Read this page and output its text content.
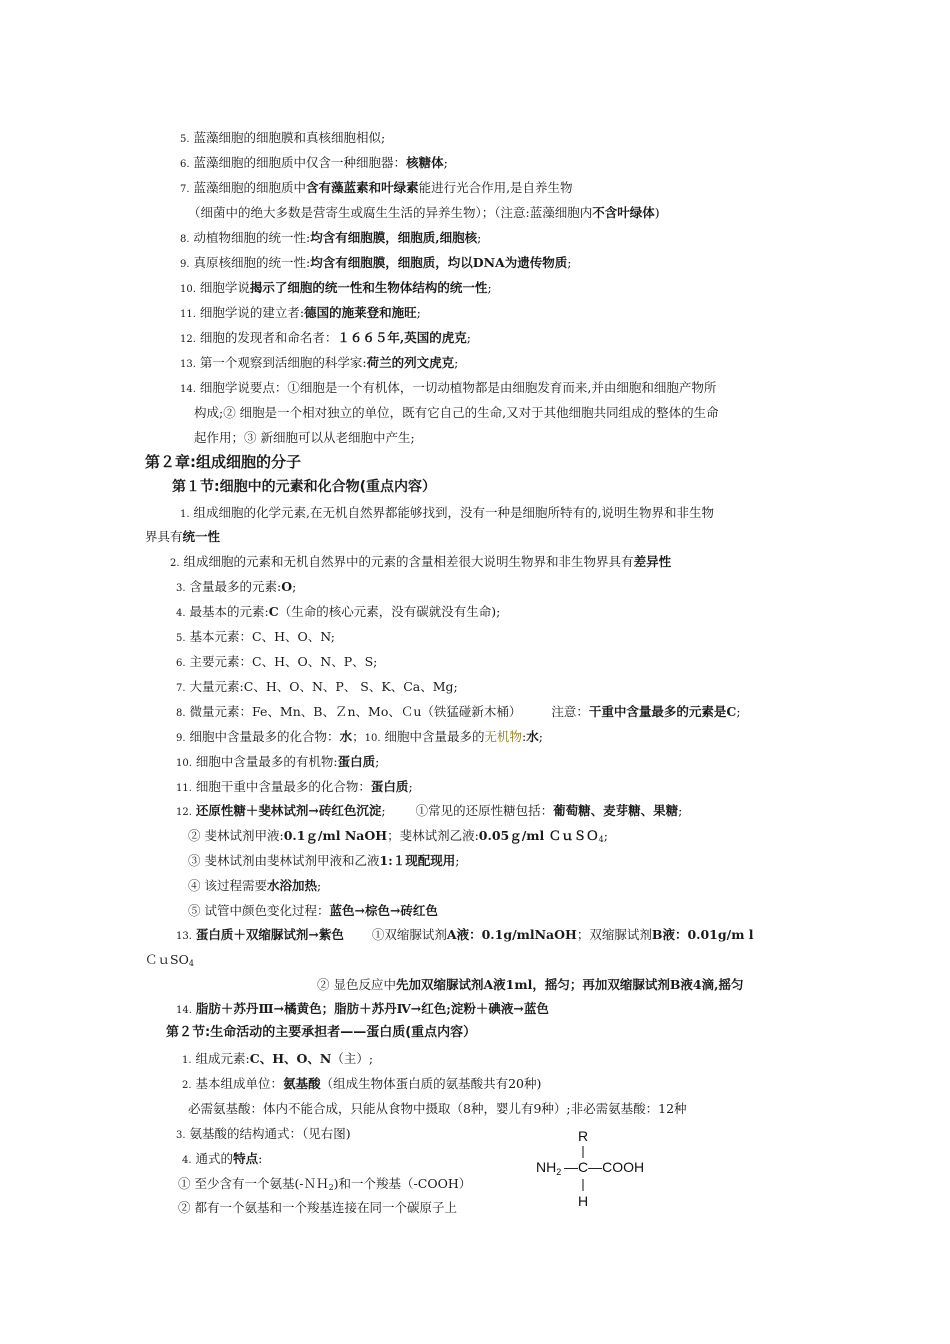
5. 蓝藻细胞的细胞膜和真核细胞相似;
6. 蓝藻细胞的细胞质中仅含一种细胞器：核糖体;
7. 蓝藻细胞的细胞质中含有藻蓝素和叶绿素能进行光合作用,是自养生物
（细菌中的绝大多数是营寄生或腐生生活的异养生物）；（注意:蓝藻细胞内不含叶绿体)
8. 动植物细胞的统一性:均含有细胞膜，细胞质,细胞核;
9. 真原核细胞的统一性:均含有细胞膜，细胞质，均以DNA为遗传物质;
10. 细胞学说揭示了细胞的统一性和生物体结构的统一性;
11. 细胞学说的建立者:德国的施莱登和施旺;
12. 细胞的发现者和命名者：１６６５年,英国的虎克;
13. 第一个观察到活细胞的科学家:荷兰的列文虎克;
14. 细胞学说要点：①细胞是一个有机体，一切动植物都是由细胞发育而来,并由细胞和细胞产物所
构成;② 细胞是一个相对独立的单位，既有它自己的生命,又对于其他细胞共同组成的整体的生命
起作用；③ 新细胞可以从老细胞中产生;
第２章:组成细胞的分子
第１节:细胞中的元素和化合物(重点内容）
1. 组成细胞的化学元素,在无机自然界都能够找到，没有一种是细胞所特有的,说明生物界和非生物
界具有统一性
2. 组成细胞的元素和无机自然界中的元素的含量相差很大说明生物界和非生物界具有差异性
3. 含量最多的元素:O;
4. 最基本的元素:C（生命的核心元素，没有碳就没有生命);
5. 基本元素：C、H、O、N;
6. 主要元素：C、H、O、N、P、S;
7. 大量元素:C、H、O、N、P、 S、K、Ca、Mg;
8. 微量元素：Fe、Mn、B、Ｚn、Mo、Ｃu（铁猛碰新木桶） 注意：干重中含量最多的元素是C;
9. 细胞中含量最多的化合物：水；10. 细胞中含量最多的无机物:水;
10. 细胞中含量最多的有机物:蛋白质;
11. 细胞干重中含量最多的化合物：蛋白质;
12. 还原性糖＋斐林试剂→砖红色沉淀; ①常见的还原性糖包括：葡萄糖、麦芽糖、果糖;
② 斐林试剂甲液:0.1ｇ/ml NaOH；斐林试剂乙液:0.05ｇ/ml ＣｕＳＯ$_4$;
③ 斐林试剂由斐林试剂甲液和乙液1:１现配现用;
④ 该过程需要水浴加热;
⑤ 试管中颜色变化过程：蓝色→棕色→砖红色
13. 蛋白质＋双缩脲试剂→紫色 ①双缩脲试剂A液：0.1g/mlNaOH；双缩脲试剂B液：0.01g/m l
ＣｕSO$_4$
② 显色反应中先加双缩脲试剂A液1ml，摇匀；再加双缩脲试剂B液4滴,摇匀
14. 脂肪＋苏丹Ⅲ→橘黄色；脂肪＋苏丹Ⅳ→红色;淀粉＋碘液→蓝色
第２节:生命活动的主要承担者——蛋白质(重点内容）
1. 组成元素:C、H、O、N（主）;
2. 基本组成单位：氨基酸（组成生物体蛋白质的氨基酸共有20种)
必需氨基酸：体内不能合成，只能从食物中摄取（8种，婴儿有9种）;非必需氨基酸：12种
3. 氨基酸的结构通式：（见右图)
4. 通式的特点:
① 至少含有一个氨基(-ＮＨ$_2$)和一个羧基（-COOH）
② 都有一个氨基和一个羧基连接在同一个碳原子上
R
$NH_2$ —C—COOH
H
